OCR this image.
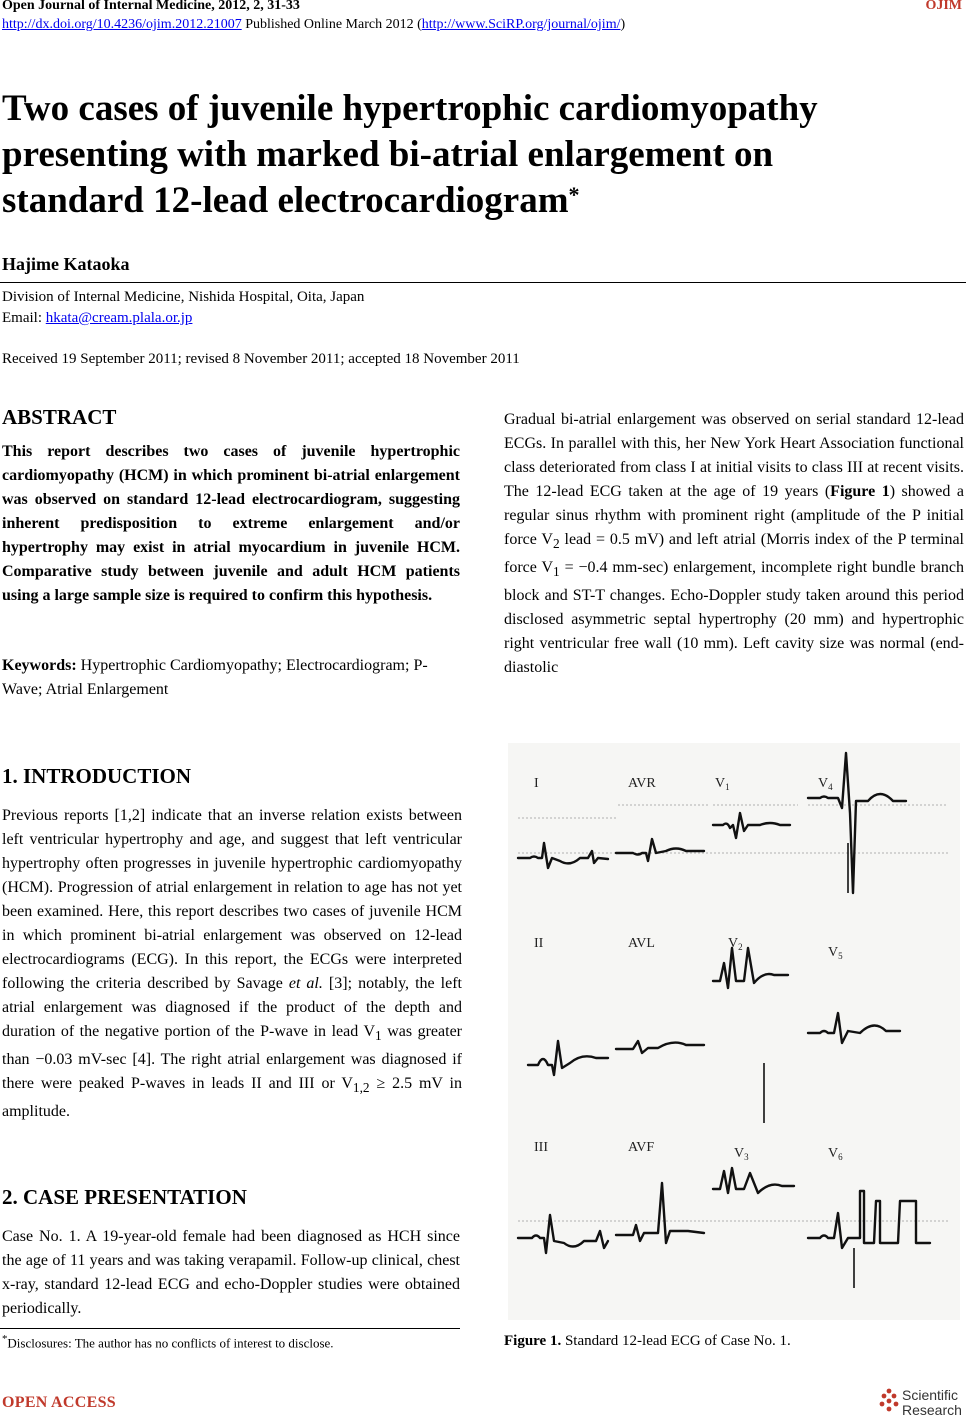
Open Journal of Internal Medicine, 2012, 2, 31-33	OJIM
http://dx.doi.org/10.4236/ojim.2012.21007 Published Online March 2012 (http://www.SciRP.org/journal/ojim/)
Two cases of juvenile hypertrophic cardiomyopathy presenting with marked bi-atrial enlargement on standard 12-lead electrocardiogram*
Hajime Kataoka
Division of Internal Medicine, Nishida Hospital, Oita, Japan
Email: hkata@cream.plala.or.jp
Received 19 September 2011; revised 8 November 2011; accepted 18 November 2011
ABSTRACT
This report describes two cases of juvenile hypertrophic cardiomyopathy (HCM) in which prominent bi-atrial enlargement was observed on standard 12-lead electrocardiogram, suggesting inherent predisposition to extreme enlargement and/or hypertrophy may exist in atrial myocardium in juvenile HCM. Comparative study between juvenile and adult HCM patients using a large sample size is required to confirm this hypothesis.
Keywords: Hypertrophic Cardiomyopathy; Electrocardiogram; P-Wave; Atrial Enlargement
1. INTRODUCTION
Previous reports [1,2] indicate that an inverse relation exists between left ventricular hypertrophy and age, and suggest that left ventricular hypertrophy often progresses in juvenile hypertrophic cardiomyopathy (HCM). Progression of atrial enlargement in relation to age has not yet been examined. Here, this report describes two cases of juvenile HCM in which prominent bi-atrial enlargement was observed on 12-lead electrocardiograms (ECG). In this report, the ECGs were interpreted following the criteria described by Savage et al. [3]; notably, the left atrial enlargement was diagnosed if the product of the depth and duration of the negative portion of the P-wave in lead $V_1$ was greater than −0.03 mV-sec [4]. The right atrial enlargement was diagnosed if there were peaked P-waves in leads II and III or $V_{1,2} \ge 2.5$ mV in amplitude.
2. CASE PRESENTATION
Case No. 1. A 19-year-old female had been diagnosed as HCH since the age of 11 years and was taking verapamil. Follow-up clinical, chest x-ray, standard 12-lead ECG and echo-Doppler studies were obtained periodically.
*Disclosures: The author has no conflicts of interest to disclose.
Gradual bi-atrial enlargement was observed on serial standard 12-lead ECGs. In parallel with this, her New York Heart Association functional class deteriorated from class I at initial visits to class III at recent visits. The 12-lead ECG taken at the age of 19 years (Figure 1) showed a regular sinus rhythm with prominent right (amplitude of the P initial force $V_2$ lead = 0.5 mV) and left atrial (Morris index of the P terminal force $V_1 = -0.4$ mm-sec) enlargement, incomplete right bundle branch block and ST-T changes. Echo-Doppler study taken around this period disclosed asymmetric septal hypertrophy (20 mm) and hypertrophic right ventricular free wall (10 mm). Left cavity size was normal (end-diastolic
I	AVR	$V_1$	$V_4$
II	AVL	$V_2$	$V_5$
III	AVF	$V_3$	$V_6$
Figure 1. Standard 12-lead ECG of Case No. 1.
OPEN ACCESS	Scientific
Research
